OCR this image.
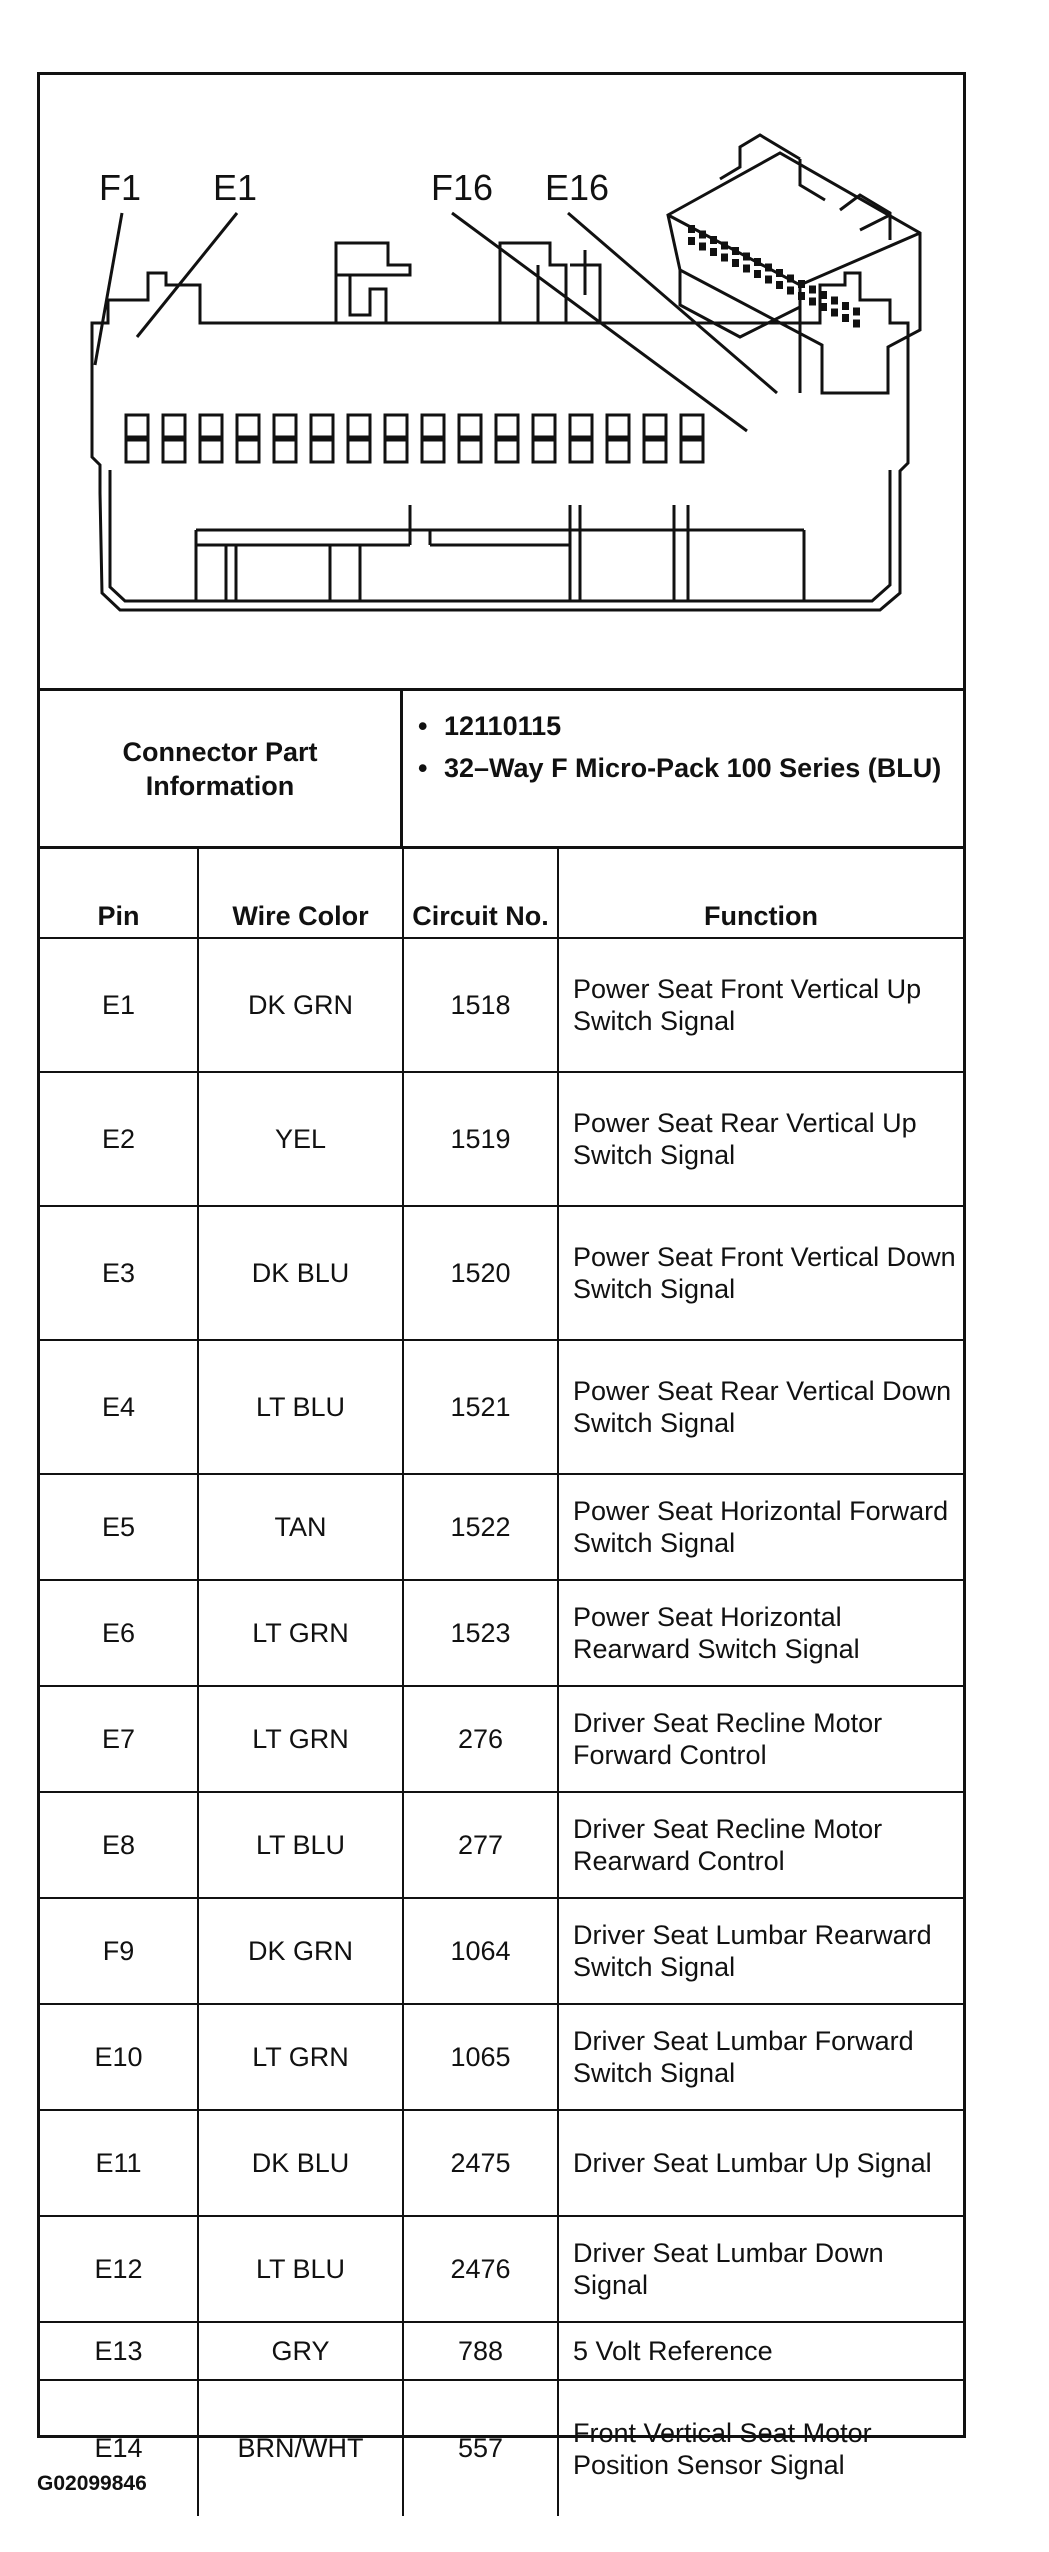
F1 E1	F16 E16
Connector Part Information
• 12110115
• 32–Way F Micro-Pack 100 Series (BLU)
Pin	Wire Color	Circuit No.	Function
E1	DK GRN	1518	Power Seat Front Vertical Up Switch Signal
E2	YEL	1519	Power Seat Rear Vertical Up Switch Signal
E3	DK BLU	1520	Power Seat Front Vertical Down Switch Signal
E4	LT BLU	1521	Power Seat Rear Vertical Down Switch Signal
E5	TAN	1522	Power Seat Horizontal Forward Switch Signal
E6	LT GRN	1523	Power Seat Horizontal Rearward Switch Signal
E7	LT GRN	276	Driver Seat Recline Motor Forward Control
E8	LT BLU	277	Driver Seat Recline Motor Rearward Control
F9	DK GRN	1064	Driver Seat Lumbar Rearward Switch Signal
E10	LT GRN	1065	Driver Seat Lumbar Forward Switch Signal
E11	DK BLU	2475	Driver Seat Lumbar Up Signal
E12	LT BLU	2476	Driver Seat Lumbar Down Signal
E13	GRY	788	5 Volt Reference
E14	BRN/WHT	557	Front Vertical Seat Motor Position Sensor Signal
G02099846
